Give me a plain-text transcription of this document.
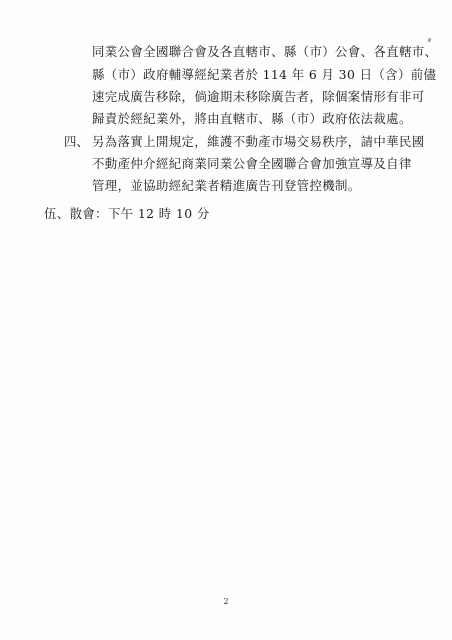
同業公會全國聯合會及各直轄市、縣（市）公會、各直轄市、
縣（市）政府輔導經紀業者於 114 年 6 月 30 日（含）前儘
速完成廣告移除，倘逾期未移除廣告者，除個案情形有非可
歸責於經紀業外，將由直轄市、縣（市）政府依法裁處。
四、 另為落實上開規定，維護不動產市場交易秩序，請中華民國
不動產仲介經紀商業同業公會全國聯合會加強宣導及自律
管理，並協助經紀業者精進廣告刊登管控機制。
伍、散會：下午 12 時 10 分
2
